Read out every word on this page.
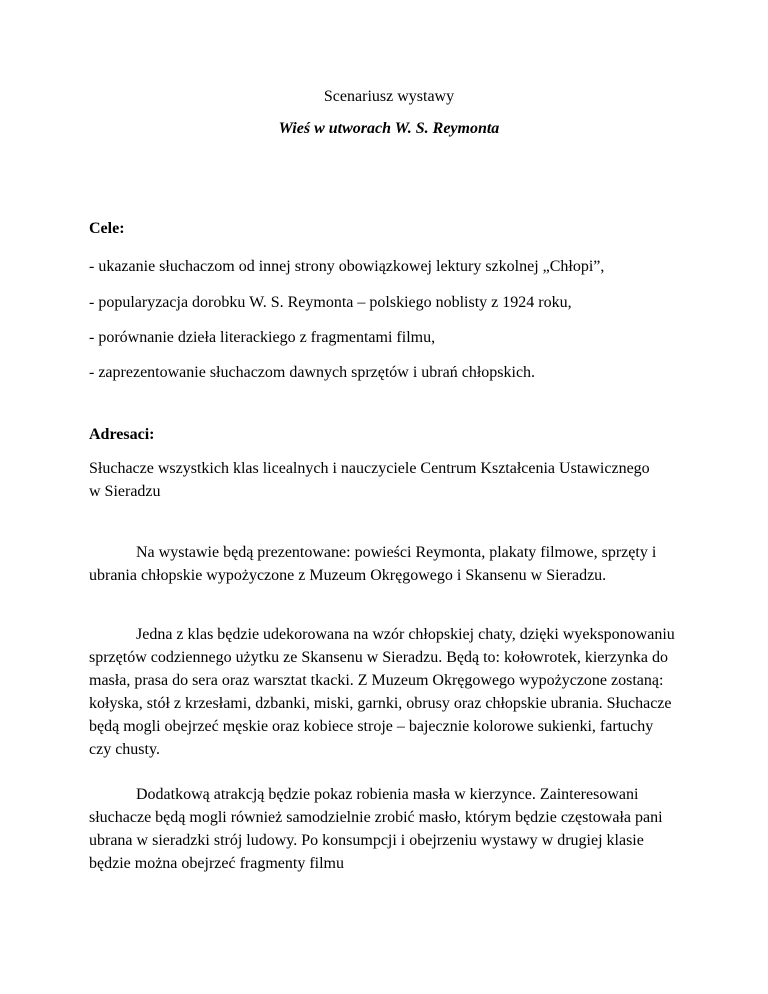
Scenariusz wystawy
Wieś w utworach W. S. Reymonta
Cele:
- ukazanie słuchaczom od innej strony obowiązkowej lektury szkolnej „Chłopi”,
- popularyzacja dorobku W. S. Reymonta – polskiego noblisty z 1924 roku,
- porównanie dzieła literackiego z fragmentami filmu,
- zaprezentowanie słuchaczom dawnych sprzętów i ubrań chłopskich.
Adresaci:
Słuchacze wszystkich klas licealnych i nauczyciele Centrum Kształcenia Ustawicznego w Sieradzu
Na wystawie będą prezentowane: powieści Reymonta, plakaty filmowe, sprzęty i ubrania chłopskie wypożyczone z Muzeum Okręgowego i Skansenu w Sieradzu.
Jedna z klas będzie udekorowana na wzór chłopskiej chaty, dzięki wyeksponowaniu sprzętów codziennego użytku ze Skansenu w Sieradzu. Będą to: kołowrotek, kierzynka do masła, prasa do sera oraz warsztat tkacki. Z Muzeum Okręgowego wypożyczone zostaną: kołyska, stół z krzesłami, dzbanki, miski, garnki, obrusy oraz chłopskie ubrania. Słuchacze będą mogli obejrzeć męskie oraz kobiece stroje – bajecznie kolorowe sukienki, fartuchy czy chusty.
Dodatkową atrakcją będzie pokaz robienia masła w kierzynce. Zainteresowani słuchacze będą mogli również samodzielnie zrobić masło, którym będzie częstowała pani ubrana w sieradzki strój ludowy. Po konsumpcji i obejrzeniu wystawy w drugiej klasie będzie można obejrzeć fragmenty filmu
